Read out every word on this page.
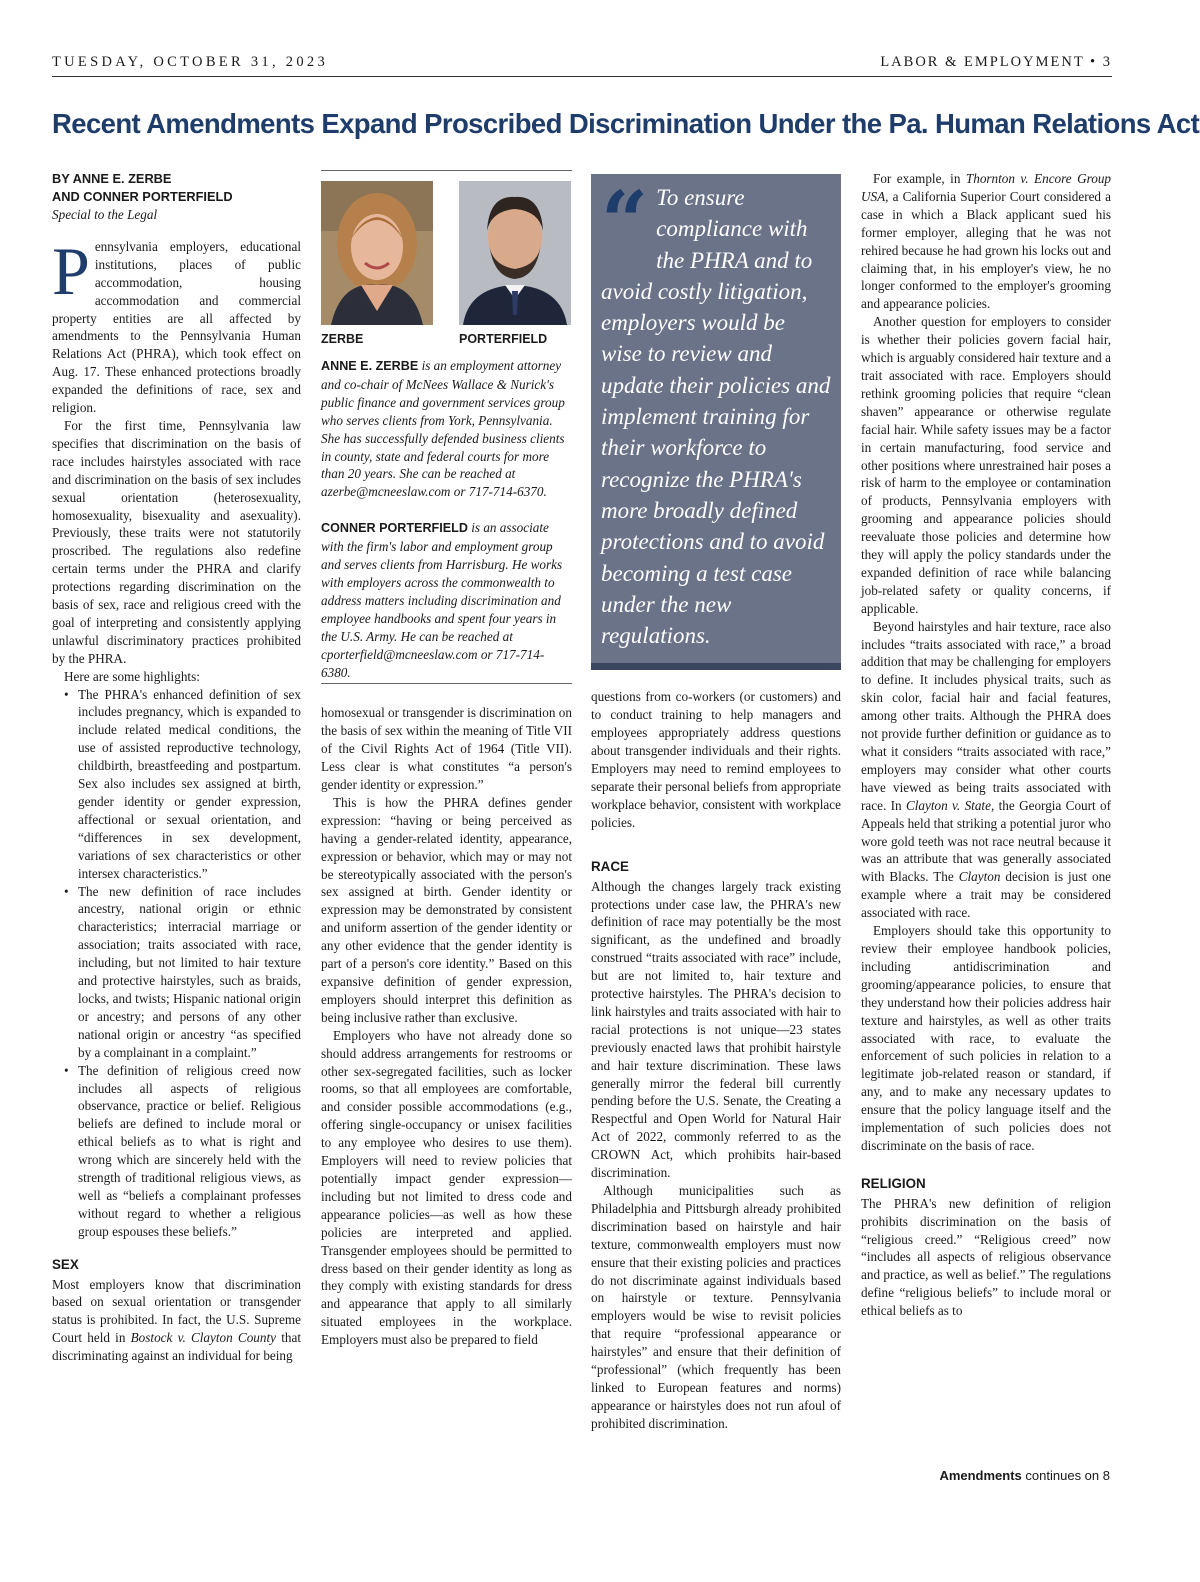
TUESDAY, OCTOBER 31, 2023	LABOR & EMPLOYMENT • 3
Recent Amendments Expand Proscribed Discrimination Under the Pa. Human Relations Act
BY ANNE E. ZERBE
AND CONNER PORTERFIELD

Special to the Legal

Pennsylvania employers, educational institutions, places of public accommodation, housing accommodation and commercial property entities are all affected by amendments to the Pennsylvania Human Relations Act (PHRA), which took effect on Aug. 17. These enhanced protections broadly expanded the definitions of race, sex and religion.

For the first time, Pennsylvania law specifies that discrimination on the basis of race includes hairstyles associated with race and discrimination on the basis of sex includes sexual orientation (heterosexuality, homosexuality, bisexuality and asexuality). Previously, these traits were not statutorily proscribed. The regulations also redefine certain terms under the PHRA and clarify protections regarding discrimination on the basis of sex, race and religious creed with the goal of interpreting and consistently applying unlawful discriminatory practices prohibited by the PHRA.

Here are some highlights:

• The PHRA's enhanced definition of sex includes pregnancy, which is expanded to include related medical conditions, the use of assisted reproductive technology, childbirth, breastfeeding and postpartum. Sex also includes sex assigned at birth, gender identity or gender expression, affectional or sexual orientation, and “differences in sex development, variations of sex characteristics or other intersex characteristics.”
• The new definition of race includes ancestry, national origin or ethnic characteristics; interracial marriage or association; traits associated with race, including, but not limited to hair texture and protective hairstyles, such as braids, locks, and twists; Hispanic national origin or ancestry; and persons of any other national origin or ancestry “as specified by a complainant in a complaint.”
• The definition of religious creed now includes all aspects of religious observance, practice or belief. Religious beliefs are defined to include moral or ethical beliefs as to what is right and wrong which are sincerely held with the strength of traditional religious views, as well as “beliefs a complainant professes without regard to whether a religious group espouses these beliefs.”
SEX

Most employers know that discrimination based on sexual orientation or transgender status is prohibited. In fact, the U.S. Supreme Court held in Bostock v. Clayton County that discriminating against an individual for being

ZERBE	PORTERFIELD

ANNE E. ZERBE is an employment attorney and co-chair of McNees Wallace & Nurick's public finance and government services group who serves clients from York, Pennsylvania. She has successfully defended business clients in county, state and federal courts for more than 20 years. She can be reached at azerbe@mcneeslaw.com or 717-714-6370.

CONNER PORTERFIELD is an associate with the firm's labor and employment group and serves clients from Harrisburg. He works with employers across the commonwealth to address matters including discrimination and employee handbooks and spent four years in the U.S. Army. He can be reached at cporterfield@mcneeslaw.com or 717-714-6380.

homosexual or transgender is discrimination on the basis of sex within the meaning of Title VII of the Civil Rights Act of 1964 (Title VII). Less clear is what constitutes “a person's gender identity or expression.”

This is how the PHRA defines gender expression: “having or being perceived as having a gender-related identity, appearance, expression or behavior, which may or may not be stereotypically associated with the person's sex assigned at birth. Gender identity or expression may be demonstrated by consistent and uniform assertion of the gender identity or any other evidence that the gender identity is part of a person's core identity.” Based on this expansive definition of gender expression, employers should interpret this definition as being inclusive rather than exclusive.

Employers who have not already done so should address arrangements for restrooms or other sex-segregated facilities, such as locker rooms, so that all employees are comfortable, and consider possible accommodations (e.g., offering single-occupancy or unisex facilities to any employee who desires to use them). Employers will need to review policies that potentially impact gender expression—including but not limited to dress code and appearance policies—as well as how these policies are interpreted and applied. Transgender employees should be permitted to dress based on their gender identity as long as they comply with existing standards for dress and appearance that apply to all similarly situated employees in the workplace. Employers must also be prepared to field

“ To ensure compliance with the PHRA and to avoid costly litigation, employers would be wise to review and update their policies and implement training for their workforce to recognize the PHRA's more broadly defined protections and to avoid becoming a test case under the new regulations.

questions from co-workers (or customers) and to conduct training to help managers and employees appropriately address questions about transgender individuals and their rights. Employers may need to remind employees to separate their personal beliefs from appropriate workplace behavior, consistent with workplace policies.

RACE

Although the changes largely track existing protections under case law, the PHRA's new definition of race may potentially be the most significant, as the undefined and broadly construed “traits associated with race” include, but are not limited to, hair texture and protective hairstyles. The PHRA's decision to link hairstyles and traits associated with hair to racial protections is not unique—23 states previously enacted laws that prohibit hairstyle and hair texture discrimination. These laws generally mirror the federal bill currently pending before the U.S. Senate, the Creating a Respectful and Open World for Natural Hair Act of 2022, commonly referred to as the CROWN Act, which prohibits hair-based discrimination.

Although municipalities such as Philadelphia and Pittsburgh already prohibited discrimination based on hairstyle and hair texture, commonwealth employers must now ensure that their existing policies and practices do not discriminate against individuals based on hairstyle or texture. Pennsylvania employers would be wise to revisit policies that require “professional appearance or hairstyles” and ensure that their definition of “professional” (which frequently has been linked to European features and norms) appearance or hairstyles does not run afoul of prohibited discrimination.

For example, in Thornton v. Encore Group USA, a California Superior Court considered a case in which a Black applicant sued his former employer, alleging that he was not rehired because he had grown his locks out and claiming that, in his employer's view, he no longer conformed to the employer's grooming and appearance policies.

Another question for employers to consider is whether their policies govern facial hair, which is arguably considered hair texture and a trait associated with race. Employers should rethink grooming policies that require “clean shaven” appearance or otherwise regulate facial hair. While safety issues may be a factor in certain manufacturing, food service and other positions where unrestrained hair poses a risk of harm to the employee or contamination of products, Pennsylvania employers with grooming and appearance policies should reevaluate those policies and determine how they will apply the policy standards under the expanded definition of race while balancing job-related safety or quality concerns, if applicable.

Beyond hairstyles and hair texture, race also includes “traits associated with race,” a broad addition that may be challenging for employers to define. It includes physical traits, such as skin color, facial hair and facial features, among other traits. Although the PHRA does not provide further definition or guidance as to what it considers “traits associated with race,” employers may consider what other courts have viewed as being traits associated with race. In Clayton v. State, the Georgia Court of Appeals held that striking a potential juror who wore gold teeth was not race neutral because it was an attribute that was generally associated with Blacks. The Clayton decision is just one example where a trait may be considered associated with race.

Employers should take this opportunity to review their employee handbook policies, including antidiscrimination and grooming/appearance policies, to ensure that they understand how their policies address hair texture and hairstyles, as well as other traits associated with race, to evaluate the enforcement of such policies in relation to a legitimate job-related reason or standard, if any, and to make any necessary updates to ensure that the policy language itself and the implementation of such policies does not discriminate on the basis of race.

RELIGION

The PHRA's new definition of religion prohibits discrimination on the basis of “religious creed.” “Religious creed” now “includes all aspects of religious observance and practice, as well as belief.” The regulations define “religious beliefs” to include moral or ethical beliefs as to

Amendments continues on 8
